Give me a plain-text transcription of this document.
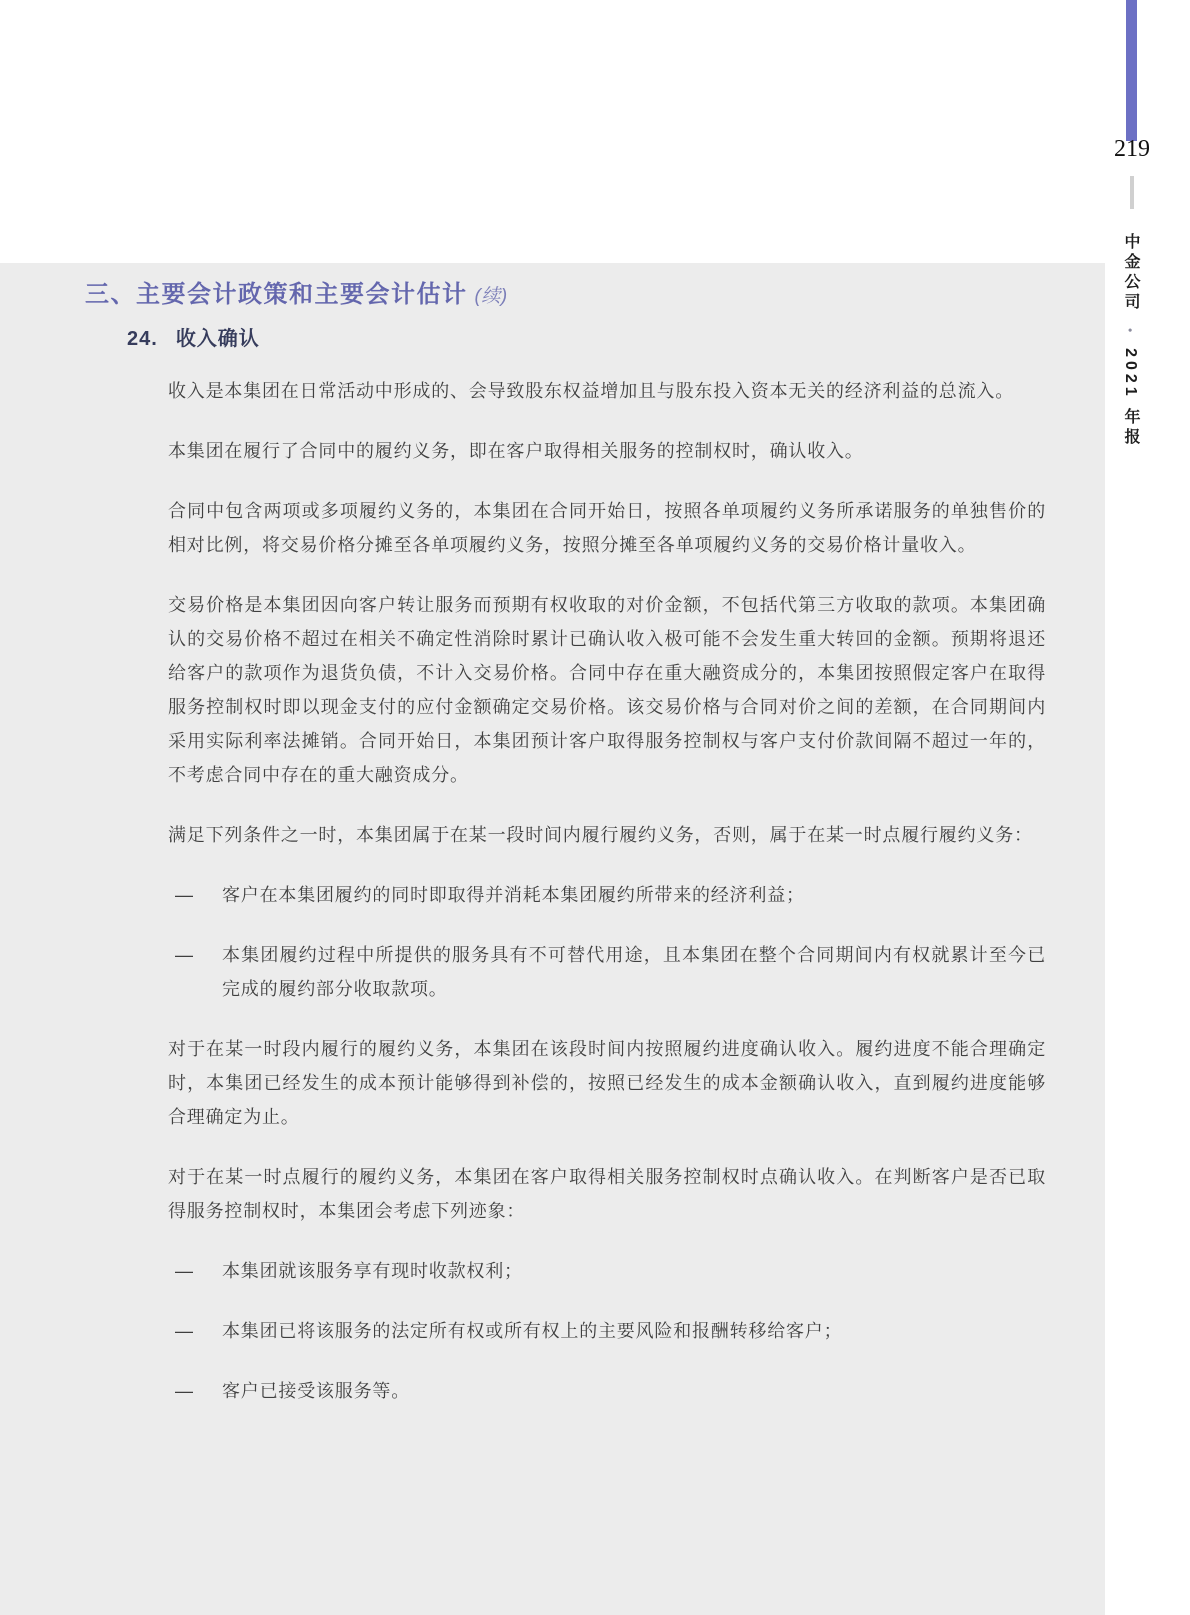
219
中金公司 • 2021 年报
三、主要会计政策和主要会计估计 (续)
24. 收入确认

收入是本集团在日常活动中形成的、会导致股东权益增加且与股东投入资本无关的经济利益的总流入。

本集团在履行了合同中的履约义务，即在客户取得相关服务的控制权时，确认收入。

合同中包含两项或多项履约义务的，本集团在合同开始日，按照各单项履约义务所承诺服务的单独售价的相对比例，将交易价格分摊至各单项履约义务，按照分摊至各单项履约义务的交易价格计量收入。

交易价格是本集团因向客户转让服务而预期有权收取的对价金额，不包括代第三方收取的款项。本集团确认的交易价格不超过在相关不确定性消除时累计已确认收入极可能不会发生重大转回的金额。预期将退还给客户的款项作为退货负债，不计入交易价格。合同中存在重大融资成分的，本集团按照假定客户在取得服务控制权时即以现金支付的应付金额确定交易价格。该交易价格与合同对价之间的差额，在合同期间内采用实际利率法摊销。合同开始日，本集团预计客户取得服务控制权与客户支付价款间隔不超过一年的，不考虑合同中存在的重大融资成分。

满足下列条件之一时，本集团属于在某一段时间内履行履约义务，否则，属于在某一时点履行履约义务：

—	客户在本集团履约的同时即取得并消耗本集团履约所带来的经济利益；
—	本集团履约过程中所提供的服务具有不可替代用途，且本集团在整个合同期间内有权就累计至今已完成的履约部分收取款项。

对于在某一时段内履行的履约义务，本集团在该段时间内按照履约进度确认收入。履约进度不能合理确定时，本集团已经发生的成本预计能够得到补偿的，按照已经发生的成本金额确认收入，直到履约进度能够合理确定为止。

对于在某一时点履行的履约义务，本集团在客户取得相关服务控制权时点确认收入。在判断客户是否已取得服务控制权时，本集团会考虑下列迹象：

—	本集团就该服务享有现时收款权利；
—	本集团已将该服务的法定所有权或所有权上的主要风险和报酬转移给客户；
—	客户已接受该服务等。
